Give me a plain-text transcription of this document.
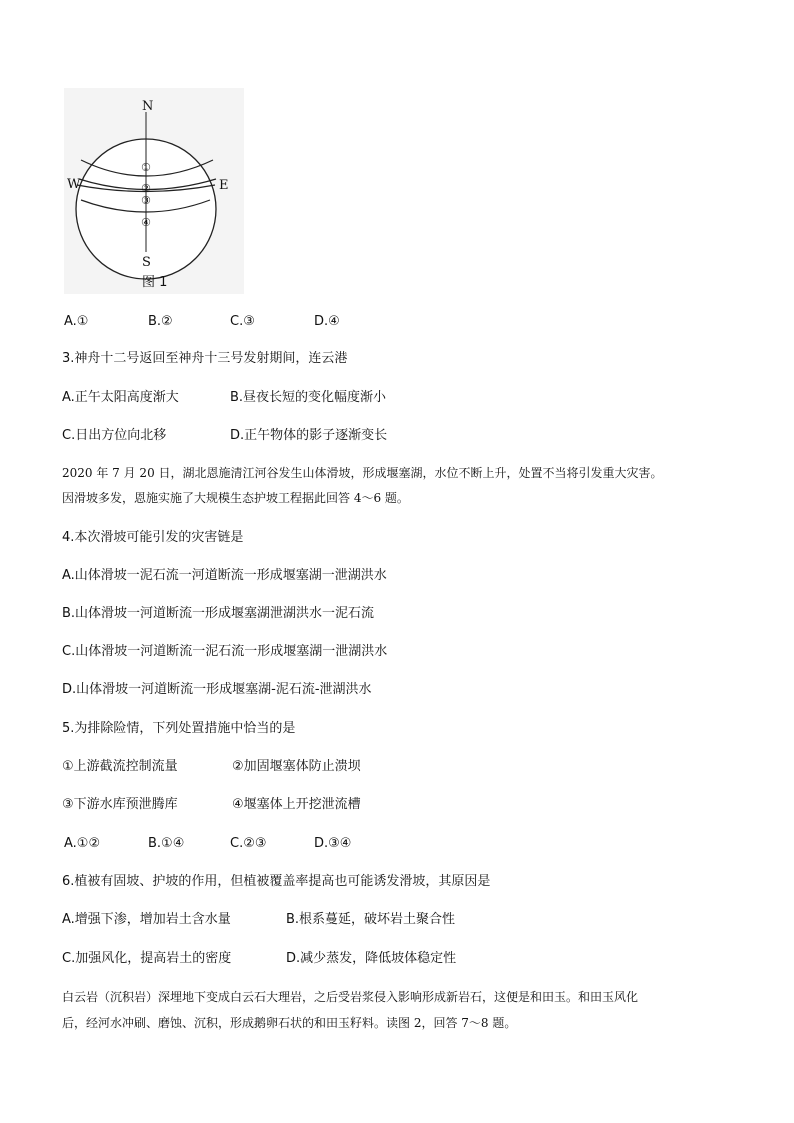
N
S
W	E
①
②
③
④
图 1
A.①	B.②	C.③	D.④
3.神舟十二号返回至神舟十三号发射期间，连云港
A.正午太阳高度渐大	B.昼夜长短的变化幅度渐小
C.日出方位向北移	D.正午物体的影子逐渐变长
2020 年 7 月 20 日，湖北恩施清江河谷发生山体滑坡，形成堰塞湖，水位不断上升，处置不当将引发重大灾害。
因滑坡多发，恩施实施了大规模生态护坡工程据此回答 4～6 题。
4.本次滑坡可能引发的灾害链是
A.山体滑坡一泥石流一河道断流一形成堰塞湖一泄湖洪水
B.山体滑坡一河道断流一形成堰塞湖泄湖洪水一泥石流
C.山体滑坡一河道断流一泥石流一形成堰塞湖一泄湖洪水
D.山体滑坡一河道断流一形成堰塞湖-泥石流-泄湖洪水
5.为排除险情，下列处置措施中恰当的是
①上游截流控制流量	②加固堰塞体防止溃坝
③下游水库预泄腾库	④堰塞体上开挖泄流槽
A.①②	B.①④	C.②③	D.③④
6.植被有固坡、护坡的作用，但植被覆盖率提高也可能诱发滑坡，其原因是
A.增强下渗，增加岩土含水量	B.根系蔓延，破坏岩土聚合性
C.加强风化，提高岩土的密度	D.减少蒸发，降低坡体稳定性
白云岩（沉积岩）深埋地下变成白云石大理岩，之后受岩浆侵入影响形成新岩石，这便是和田玉。和田玉风化
后，经河水冲刷、磨蚀、沉积，形成鹅卵石状的和田玉籽料。读图 2，回答 7～8 题。
